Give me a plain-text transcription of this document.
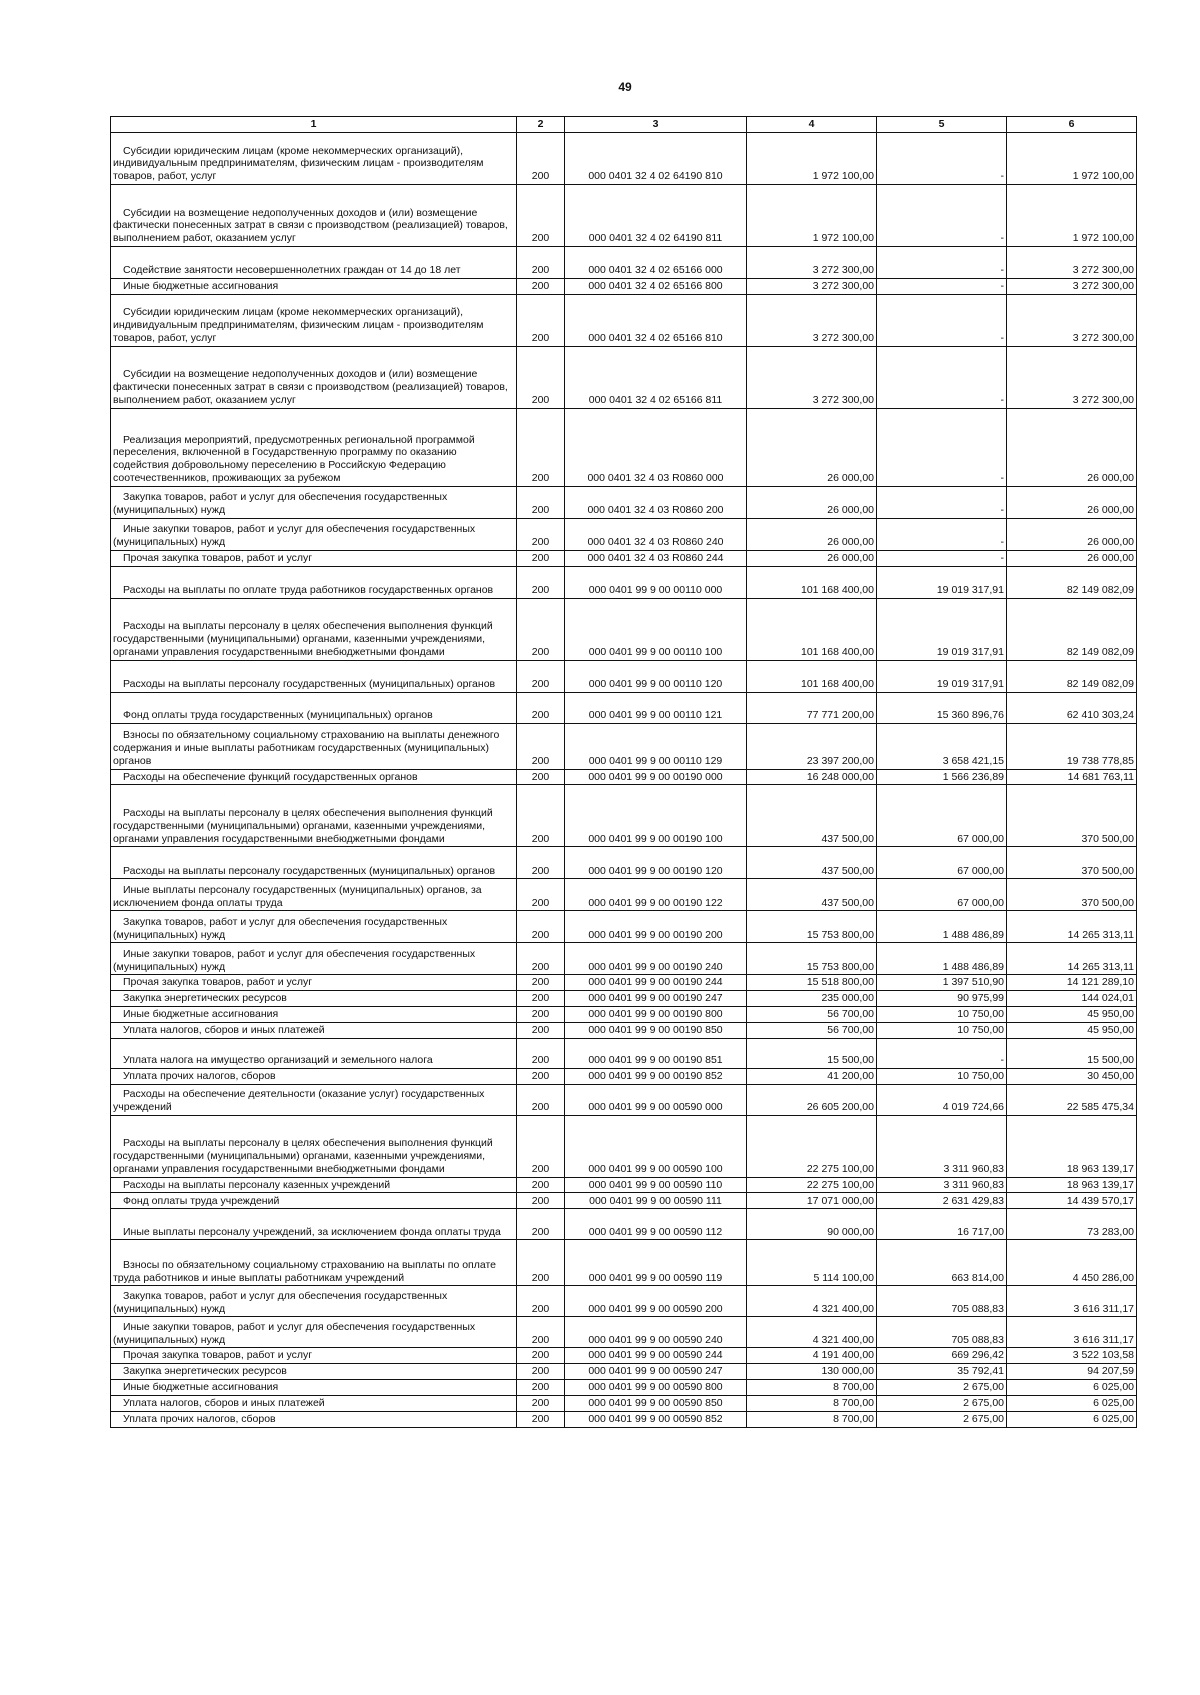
49
1	2	3	4	5	6
Субсидии юридическим лицам (кроме некоммерческих организаций), индивидуальным предпринимателям, физическим лицам - производителям товаров, работ, услуг	200	000 0401 32 4 02 64190 810	1 972 100,00	-	1 972 100,00
Субсидии на возмещение недополученных доходов и (или) возмещение фактически понесенных затрат в связи с производством (реализацией) товаров, выполнением работ, оказанием услуг	200	000 0401 32 4 02 64190 811	1 972 100,00	-	1 972 100,00
Содействие занятости несовершеннолетних граждан от 14 до 18 лет	200	000 0401 32 4 02 65166 000	3 272 300,00	-	3 272 300,00
Иные бюджетные ассигнования	200	000 0401 32 4 02 65166 800	3 272 300,00	-	3 272 300,00
Субсидии юридическим лицам (кроме некоммерческих организаций), индивидуальным предпринимателям, физическим лицам - производителям товаров, работ, услуг	200	000 0401 32 4 02 65166 810	3 272 300,00	-	3 272 300,00
Субсидии на возмещение недополученных доходов и (или) возмещение фактически понесенных затрат в связи с производством (реализацией) товаров, выполнением работ, оказанием услуг	200	000 0401 32 4 02 65166 811	3 272 300,00	-	3 272 300,00
Реализация мероприятий, предусмотренных региональной программой переселения, включенной в Государственную программу по оказанию содействия добровольному переселению в Российскую Федерацию соотечественников, проживающих за рубежом	200	000 0401 32 4 03 R0860 000	26 000,00	-	26 000,00
Закупка товаров, работ и услуг для обеспечения государственных (муниципальных) нужд	200	000 0401 32 4 03 R0860 200	26 000,00	-	26 000,00
Иные закупки товаров, работ и услуг для обеспечения государственных (муниципальных) нужд	200	000 0401 32 4 03 R0860 240	26 000,00	-	26 000,00
Прочая закупка товаров, работ и услуг	200	000 0401 32 4 03 R0860 244	26 000,00	-	26 000,00
Расходы на выплаты по оплате труда работников государственных органов	200	000 0401 99 9 00 00110 000	101 168 400,00	19 019 317,91	82 149 082,09
Расходы на выплаты персоналу в целях обеспечения выполнения функций государственными (муниципальными) органами, казенными учреждениями, органами управления государственными внебюджетными фондами	200	000 0401 99 9 00 00110 100	101 168 400,00	19 019 317,91	82 149 082,09
Расходы на выплаты персоналу государственных (муниципальных) органов	200	000 0401 99 9 00 00110 120	101 168 400,00	19 019 317,91	82 149 082,09
Фонд оплаты труда государственных (муниципальных) органов	200	000 0401 99 9 00 00110 121	77 771 200,00	15 360 896,76	62 410 303,24
Взносы по обязательному социальному страхованию на выплаты денежного содержания и иные выплаты работникам государственных (муниципальных) органов	200	000 0401 99 9 00 00110 129	23 397 200,00	3 658 421,15	19 738 778,85
Расходы на обеспечение функций государственных органов	200	000 0401 99 9 00 00190 000	16 248 000,00	1 566 236,89	14 681 763,11
Расходы на выплаты персоналу в целях обеспечения выполнения функций государственными (муниципальными) органами, казенными учреждениями, органами управления государственными внебюджетными фондами	200	000 0401 99 9 00 00190 100	437 500,00	67 000,00	370 500,00
Расходы на выплаты персоналу государственных (муниципальных) органов	200	000 0401 99 9 00 00190 120	437 500,00	67 000,00	370 500,00
Иные выплаты персоналу государственных (муниципальных) органов, за исключением фонда оплаты труда	200	000 0401 99 9 00 00190 122	437 500,00	67 000,00	370 500,00
Закупка товаров, работ и услуг для обеспечения государственных (муниципальных) нужд	200	000 0401 99 9 00 00190 200	15 753 800,00	1 488 486,89	14 265 313,11
Иные закупки товаров, работ и услуг для обеспечения государственных (муниципальных) нужд	200	000 0401 99 9 00 00190 240	15 753 800,00	1 488 486,89	14 265 313,11
Прочая закупка товаров, работ и услуг	200	000 0401 99 9 00 00190 244	15 518 800,00	1 397 510,90	14 121 289,10
Закупка энергетических ресурсов	200	000 0401 99 9 00 00190 247	235 000,00	90 975,99	144 024,01
Иные бюджетные ассигнования	200	000 0401 99 9 00 00190 800	56 700,00	10 750,00	45 950,00
Уплата налогов, сборов и иных платежей	200	000 0401 99 9 00 00190 850	56 700,00	10 750,00	45 950,00
Уплата налога на имущество организаций и земельного налога	200	000 0401 99 9 00 00190 851	15 500,00	-	15 500,00
Уплата прочих налогов, сборов	200	000 0401 99 9 00 00190 852	41 200,00	10 750,00	30 450,00
Расходы на обеспечение деятельности (оказание услуг) государственных учреждений	200	000 0401 99 9 00 00590 000	26 605 200,00	4 019 724,66	22 585 475,34
Расходы на выплаты персоналу в целях обеспечения выполнения функций государственными (муниципальными) органами, казенными учреждениями, органами управления государственными внебюджетными фондами	200	000 0401 99 9 00 00590 100	22 275 100,00	3 311 960,83	18 963 139,17
Расходы на выплаты персоналу казенных учреждений	200	000 0401 99 9 00 00590 110	22 275 100,00	3 311 960,83	18 963 139,17
Фонд оплаты труда учреждений	200	000 0401 99 9 00 00590 111	17 071 000,00	2 631 429,83	14 439 570,17
Иные выплаты персоналу учреждений, за исключением фонда оплаты труда	200	000 0401 99 9 00 00590 112	90 000,00	16 717,00	73 283,00
Взносы по обязательному социальному страхованию на выплаты по оплате труда работников и иные выплаты работникам учреждений	200	000 0401 99 9 00 00590 119	5 114 100,00	663 814,00	4 450 286,00
Закупка товаров, работ и услуг для обеспечения государственных (муниципальных) нужд	200	000 0401 99 9 00 00590 200	4 321 400,00	705 088,83	3 616 311,17
Иные закупки товаров, работ и услуг для обеспечения государственных (муниципальных) нужд	200	000 0401 99 9 00 00590 240	4 321 400,00	705 088,83	3 616 311,17
Прочая закупка товаров, работ и услуг	200	000 0401 99 9 00 00590 244	4 191 400,00	669 296,42	3 522 103,58
Закупка энергетических ресурсов	200	000 0401 99 9 00 00590 247	130 000,00	35 792,41	94 207,59
Иные бюджетные ассигнования	200	000 0401 99 9 00 00590 800	8 700,00	2 675,00	6 025,00
Уплата налогов, сборов и иных платежей	200	000 0401 99 9 00 00590 850	8 700,00	2 675,00	6 025,00
Уплата прочих налогов, сборов	200	000 0401 99 9 00 00590 852	8 700,00	2 675,00	6 025,00
